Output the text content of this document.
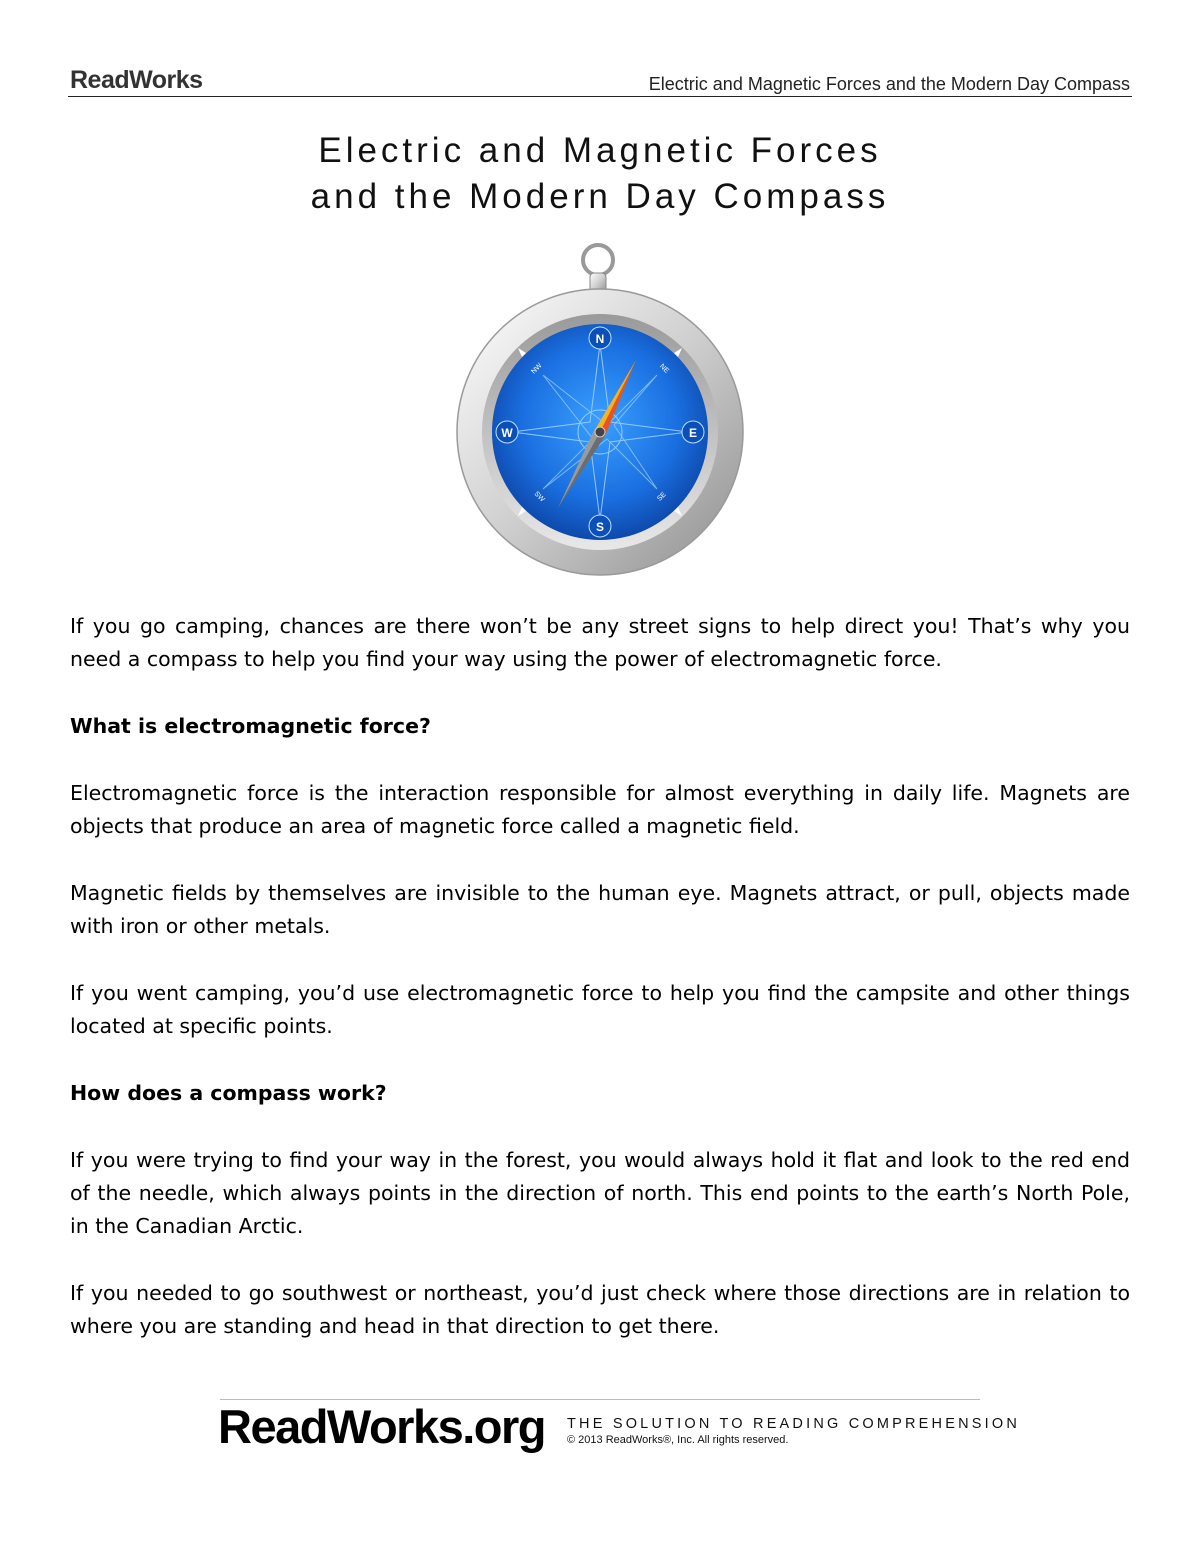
ReadWorks	Electric and Magnetic Forces and the Modern Day Compass
Electric and Magnetic Forces
and the Modern Day Compass
N
E
S
W
NE
NW
SE
SW

If you go camping, chances are there won’t be any street signs to help direct you! That’s why you need a compass to help you find your way using the power of electromagnetic force.

What is electromagnetic force?

Electromagnetic force is the interaction responsible for almost everything in daily life. Magnets are objects that produce an area of magnetic force called a magnetic field.

Magnetic fields by themselves are invisible to the human eye. Magnets attract, or pull, objects made with iron or other metals.

If you went camping, you’d use electromagnetic force to help you find the campsite and other things located at specific points.

How does a compass work?

If you were trying to find your way in the forest, you would always hold it flat and look to the red end of the needle, which always points in the direction of north. This end points to the earth’s North Pole, in the Canadian Arctic.

If you needed to go southwest or northeast, you’d just check where those directions are in relation to where you are standing and head in that direction to get there.

ReadWorks.org THE SOLUTION TO READING COMPREHENSION
© 2013 ReadWorks®, Inc. All rights reserved.
